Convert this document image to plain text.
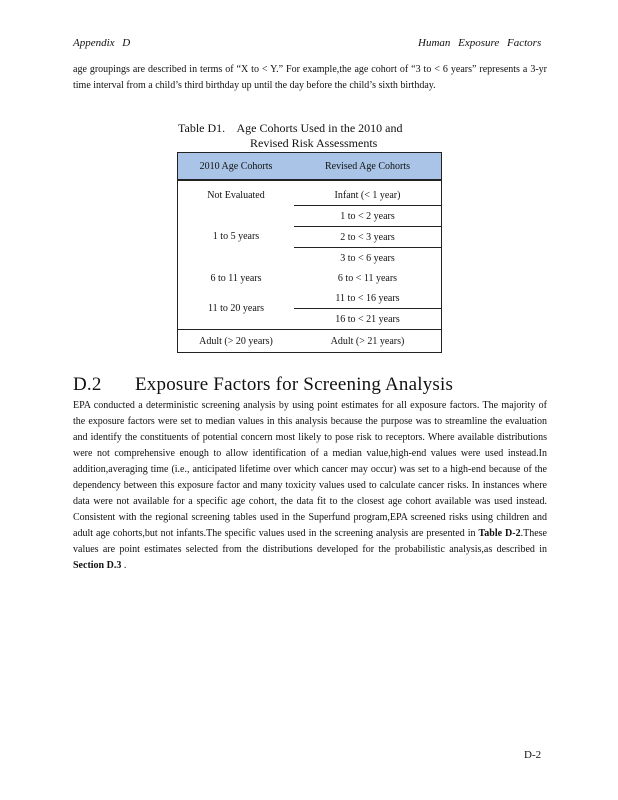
Appendix D	Human Exposure Factors

age groupings are described in terms of “X to < Y.” For example,the age cohort of “3 to < 6 years” represents a 3-yr time interval from a child’s third birthday up until the day before the child’s sixth birthday.

Table D1. Age Cohorts Used in the 2010 and
Revised Risk Assessments
2010 Age Cohorts	Revised Age Cohorts
Not Evaluated	Infant (< 1 year)
1 to 5 years	1 to < 2 years
	2 to < 3 years
	3 to < 6 years
6 to 11 years	6 to < 11 years
11 to 20 years	11 to < 16 years
	16 to < 21 years
Adult (> 20 years)	Adult (> 21 years)
D.2 Exposure Factors for Screening Analysis

EPA conducted a deterministic screening analysis by using point estimates for all exposure factors. The majority of the exposure factors were set to median values in this analysis because the purpose was to streamline the evaluation and identify the constituents of potential concern most likely to pose risk to receptors. Where available distributions were not comprehensive enough to allow identification of a median value,high-end values were used instead.In addition,averaging time (i.e., anticipated lifetime over which cancer may occur) was set to a high-end because of the dependency between this exposure factor and many toxicity values used to calculate cancer risks. In instances where data were not available for a specific age cohort, the data fit to the closest age cohort available was used instead. Consistent with the regional screening tables used in the Superfund program,EPA screened risks using children and adult age cohorts,but not infants.The specific values used in the screening analysis are presented in Table D-2.These values are point estimates selected from the distributions developed for the probabilistic analysis,as described in Section D.3 .

D-2
